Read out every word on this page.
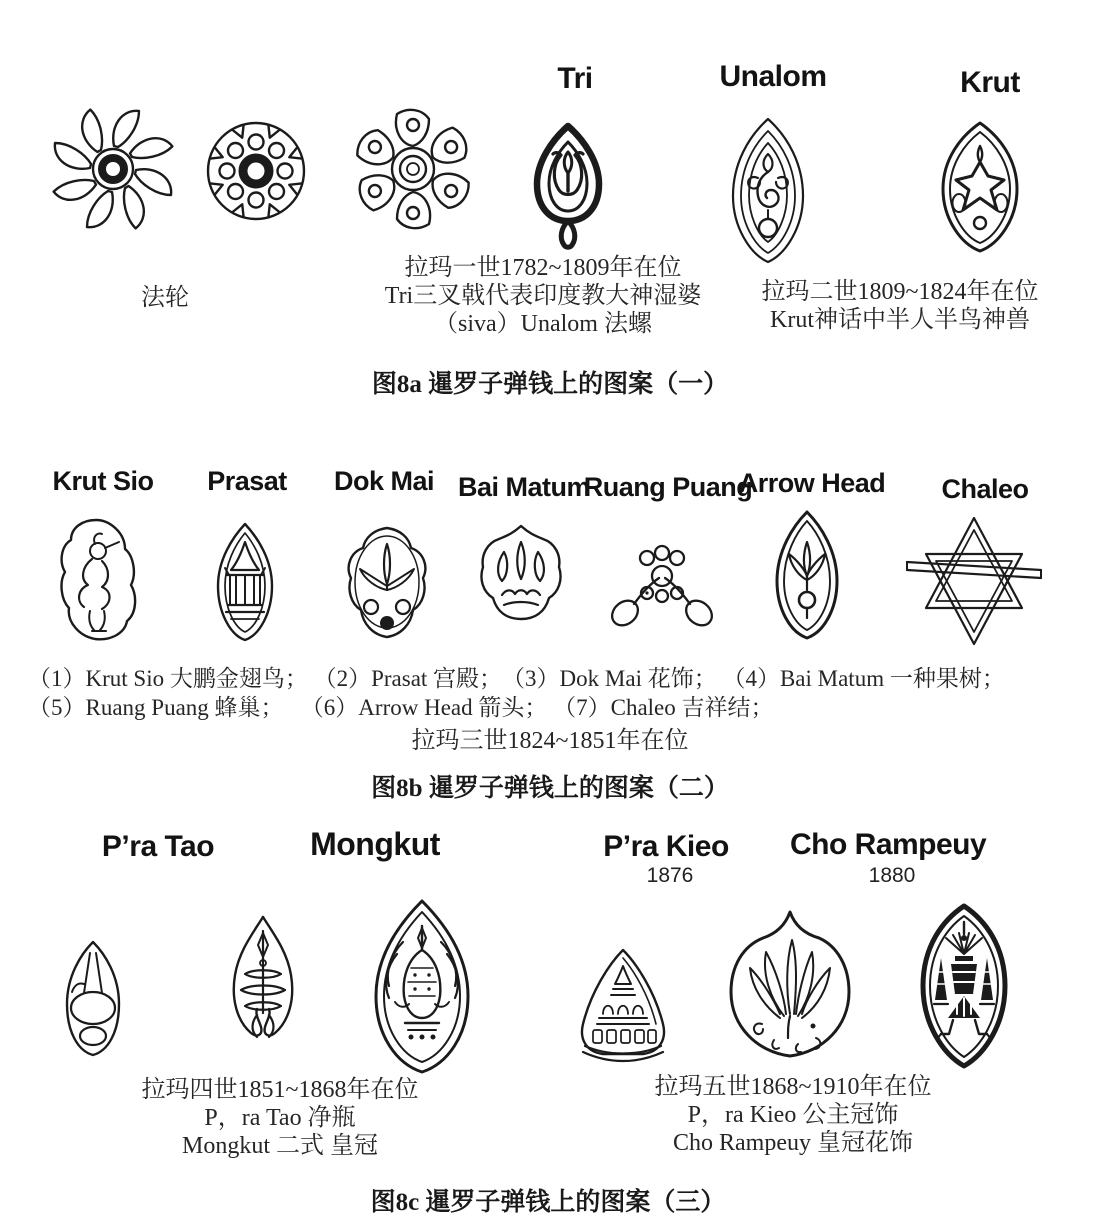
Tri	Unalom	Krut
法轮
拉玛一世1782~1809年在位
Tri三叉戟代表印度教大神湿婆
（siva）Unalom 法螺
拉玛二世1809~1824年在位
Krut神话中半人半鸟神兽
图8a 暹罗子弹钱上的图案（一）
Krut Sio	Prasat	Dok Mai Bai Matum
Ruang Puang
Arrow Head	Chaleo
（1）Krut Sio 大鹏金翅鸟； （2）Prasat 宫殿；　（3）Dok Mai 花饰； （4）Bai Matum 一种果树；
（5）Ruang Puang 蜂巢；　 （6）Arrow Head 箭头； （7）Chaleo 吉祥结；
拉玛三世1824~1851年在位
图8b 暹罗子弹钱上的图案（二）
P’ra Tao	Mongkut	P’ra Kieo
1876
Cho Rampeuy
1880
拉玛四世1851~1868年在位
P，ra Tao 净瓶
Mongkut 二式 皇冠
拉玛五世1868~1910年在位
P，ra Kieo 公主冠饰
Cho Rampeuy 皇冠花饰
图8c 暹罗子弹钱上的图案（三）
